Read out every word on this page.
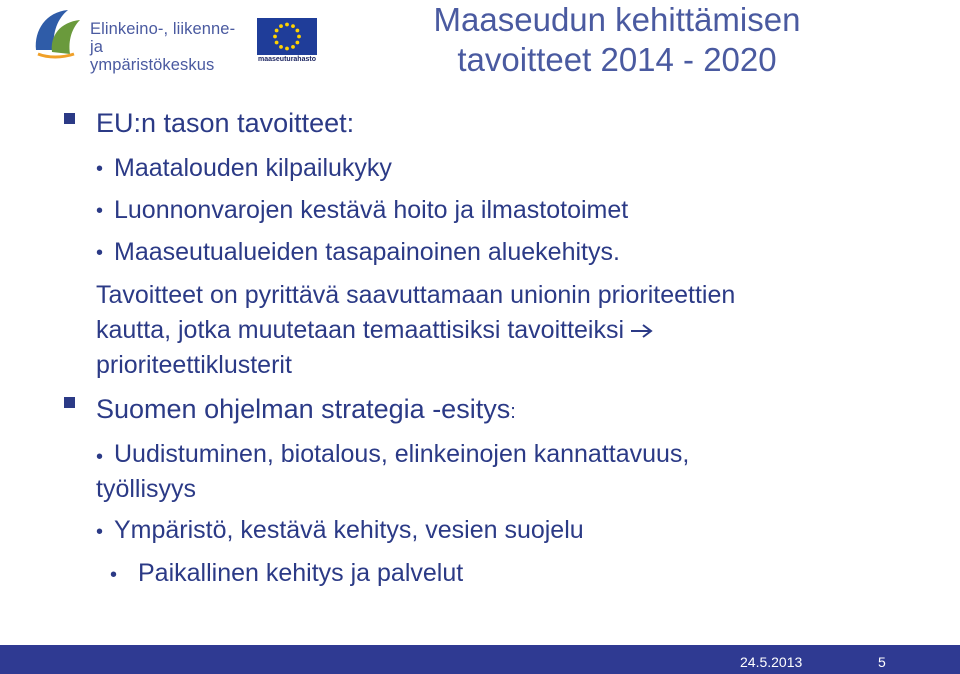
Elinkeino-, liikenne- ja
ympäristökeskus	maaseuturahasto
Maaseudun kehittämisen
tavoitteet 2014 - 2020
EU:n tason tavoitteet:
• Maatalouden kilpailukyky
• Luonnonvarojen kestävä hoito ja ilmastotoimet
• Maaseutualueiden tasapainoinen aluekehitys.
Tavoitteet on pyrittävä saavuttamaan unionin prioriteettien
kautta, jotka muutetaan temaattisiksi tavoitteiksi
prioriteettiklusterit
Suomen ohjelman strategia -esitys:
• Uudistuminen, biotalous, elinkeinojen kannattavuus,
työllisyys
• Ympäristö, kestävä kehitys, vesien suojelu
• Paikallinen kehitys ja palvelut
24.5.2013	5
